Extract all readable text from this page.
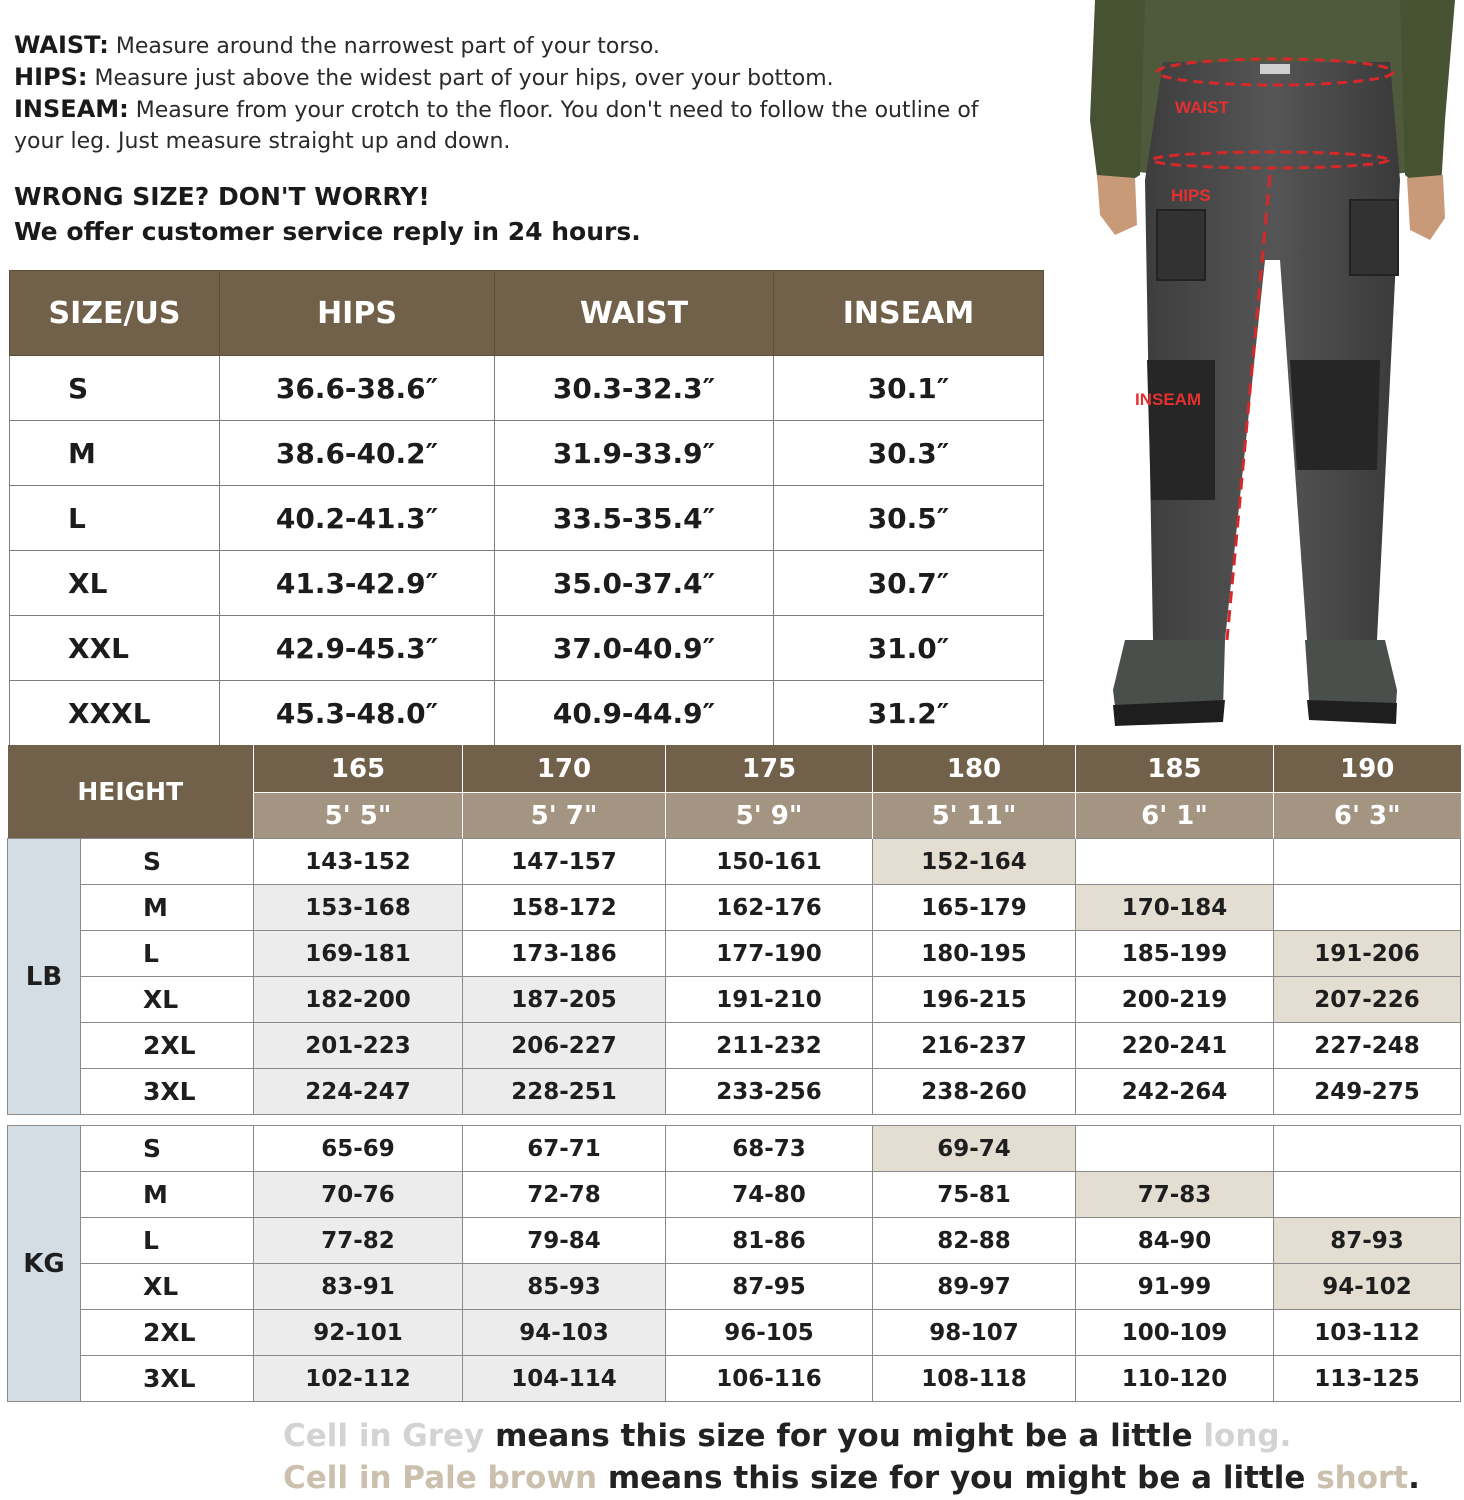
WAIST: Measure around the narrowest part of your torso.

HIPS: Measure just above the widest part of your hips, over your bottom.

INSEAM: Measure from your crotch to the floor. You don't need to follow the outline of your leg. Just measure straight up and down.

WRONG SIZE? DON'T WORRY!
We offer customer service reply in 24 hours.
SIZE/US	HIPS	WAIST	INSEAM
S	36.6-38.6″	30.3-32.3″	30.1″
M	38.6-40.2″	31.9-33.9″	30.3″
L	40.2-41.3″	33.5-35.4″	30.5″
XL	41.3-42.9″	35.0-37.4″	30.7″
XXL	42.9-45.3″	37.0-40.9″	31.0″
XXXL	45.3-48.0″	40.9-44.9″	31.2″
WAIST
HIPS
INSEAM
HEIGHT		165	170	175	180	185	190
		5' 5"	5' 7"	5' 9"	5' 11"	6' 1"	6' 3"
LB	S	143-152	147-157	150-161	152-164		
	M	153-168	158-172	162-176	165-179	170-184	
	L	169-181	173-186	177-190	180-195	185-199	191-206
	XL	182-200	187-205	191-210	196-215	200-219	207-226
	2XL	201-223	206-227	211-232	216-237	220-241	227-248
	3XL	224-247	228-251	233-256	238-260	242-264	249-275
KG	S	65-69	67-71	68-73	69-74		
	M	70-76	72-78	74-80	75-81	77-83	
	L	77-82	79-84	81-86	82-88	84-90	87-93
	XL	83-91	85-93	87-95	89-97	91-99	94-102
	2XL	92-101	94-103	96-105	98-107	100-109	103-112
	3XL	102-112	104-114	106-116	108-118	110-120	113-125
Cell in Grey means this size for you might be a little long.
Cell in Pale brown means this size for you might be a little short.
